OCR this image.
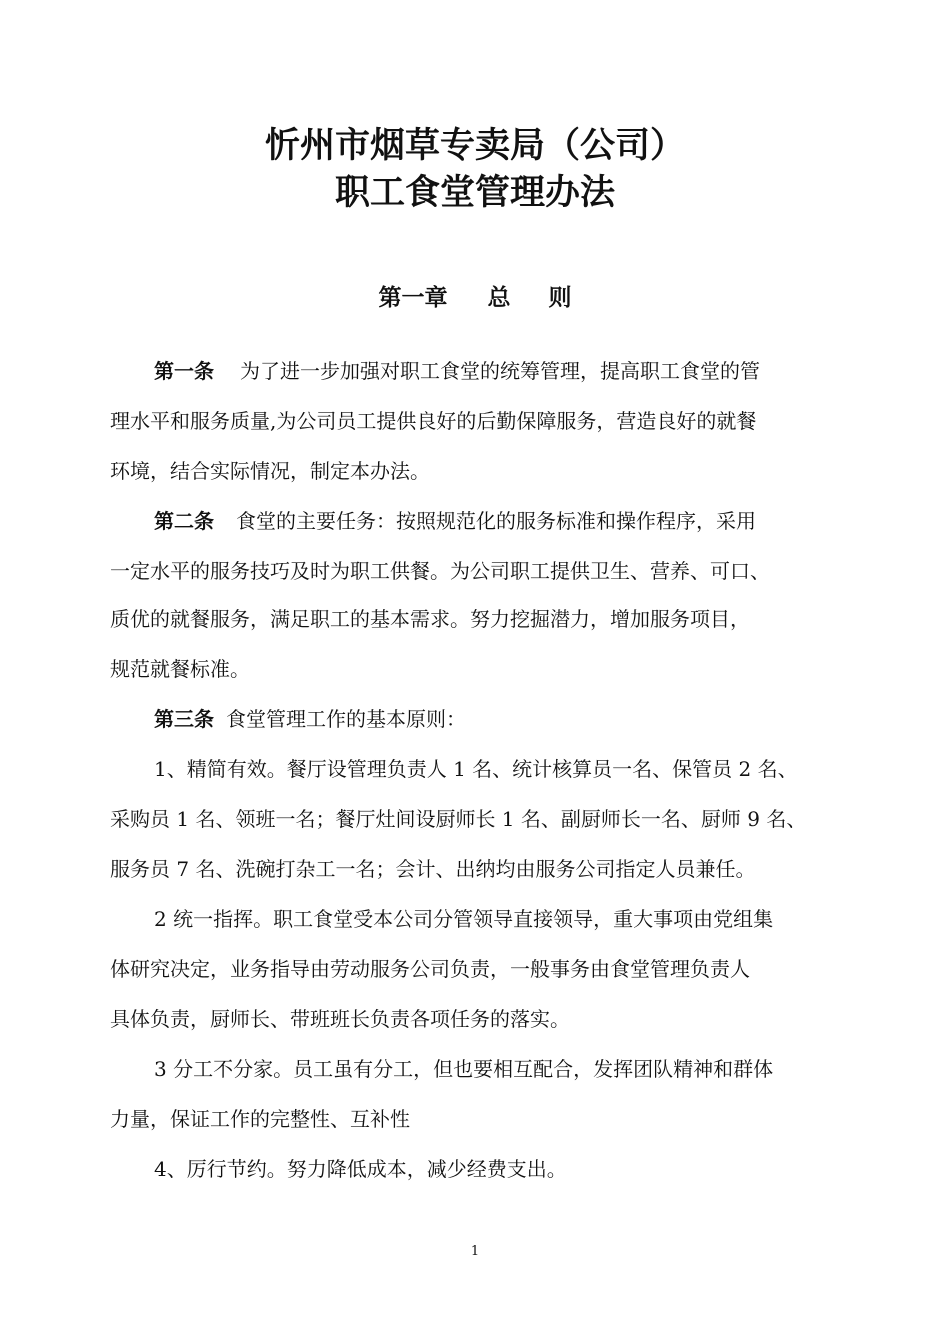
忻州市烟草专卖局（公司）
职工食堂管理办法
第一章 总 则
第一条 为了进一步加强对职工食堂的统筹管理，提高职工食堂的管
理水平和服务质量,为公司员工提供良好的后勤保障服务，营造良好的就餐
环境，结合实际情况，制定本办法。
第二条 食堂的主要任务：按照规范化的服务标准和操作程序，采用
一定水平的服务技巧及时为职工供餐。为公司职工提供卫生、营养、可口、
质优的就餐服务，满足职工的基本需求。努力挖掘潜力，增加服务项目，
规范就餐标准。
第三条 食堂管理工作的基本原则：
1、精简有效。餐厅设管理负责人 1 名、统计核算员一名、保管员 2 名、
采购员 1 名、领班一名；餐厅灶间设厨师长 1 名、副厨师长一名、厨师 9 名、
服务员 7 名、洗碗打杂工一名；会计、出纳均由服务公司指定人员兼任。
2 统一指挥。职工食堂受本公司分管领导直接领导，重大事项由党组集
体研究决定，业务指导由劳动服务公司负责，一般事务由食堂管理负责人
具体负责，厨师长、带班班长负责各项任务的落实。
3 分工不分家。员工虽有分工，但也要相互配合，发挥团队精神和群体
力量，保证工作的完整性、互补性
4、厉行节约。努力降低成本，减少经费支出。
1
